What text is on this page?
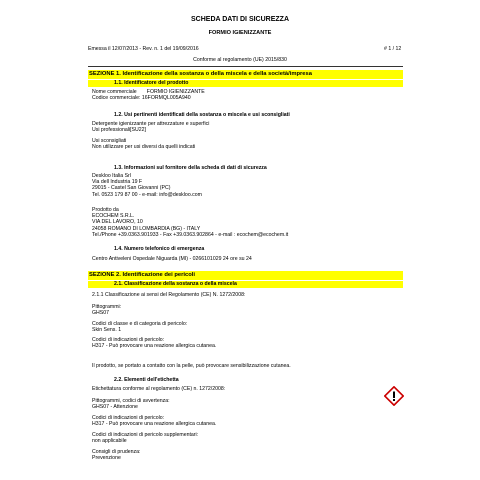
SCHEDA DATI DI SICUREZZA
FORMIO IGIENIZZANTE
Emessa il 12/07/2013 - Rev. n. 1 del 19/09/2016	# 1 / 12
Conforme al regolamento (UE) 2015/830
SEZIONE 1. Identificazione della sostanza o della miscela e della società/impresa
1.1. Identificatore del prodotto
Nome commerciale       FORMIO IGIENIZZANTE
Codice commerciale: 16FORMQL005A940
1.2. Usi pertinenti identificati della sostanza o miscela e usi sconsigliati
Detergente igienizzante per attrezzature e superfici
Usi professionali[SU22]
Usi sconsigliati
Non utilizzare per usi diversi da quelli indicati
1.3. Informazioni sul fornitore della scheda di dati di sicurezza
Deskloo Italia Srl
Via dell Industria 19 F
29015 - Castel San Giovanni (PC)
Tel. 0523 179 87 00 - e-mail: info@deskloo.com
Prodotto da
ECOCHEM S.R.L.
VIA DEL LAVORO, 10
24058 ROMANO DI LOMBARDIA (BG) - ITALY
Tel./Phone +39.0363.901933 - Fax +39.0363.902864 - e-mail : ecochem@ecochem.it
1.4. Numero telefonico di emergenza
Centro Antiveleni Ospedale Niguarda (MI) - 0266101029 24 ore su 24
SEZIONE 2. Identificazione dei pericoli
2.1. Classificazione della sostanza o della miscela
2.1.1 Classificazione ai sensi del Regolamento (CE) N. 1272/2008:
Pittogrammi:
GHS07
Codici di classe e di categoria di pericolo:
Skin Sens. 1
Codici di indicazioni di pericolo:
H317 - Può provocare una reazione allergica cutanea.
Il prodotto, se portato a contatto con la pelle, può provocare sensibilizzazione cutanea.
2.2. Elementi dell'etichetta
Etichettatura conforme al regolamento (CE) n. 1272/2008:
Pittogrammi, codici di avvertenza:
GHS07 - Attenzione
Codici di indicazioni di pericolo:
H317 - Può provocare una reazione allergica cutanea.
Codici di indicazioni di pericolo supplementari:
non applicabile
Consigli di prudenza:
Prevenzione
